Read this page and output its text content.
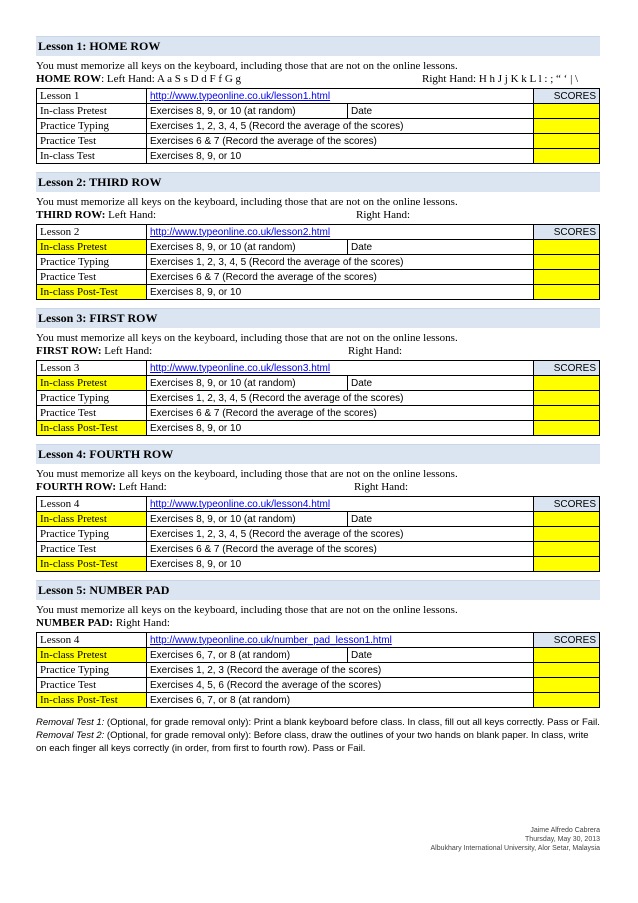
Lesson 1: HOME ROW
You must memorize all keys on the keyboard, including those that are not on the online lessons.
HOME ROW: Left Hand: A a S s D d F f G g	Right Hand: H h J j K k L l : ; “ ‘ | \
Lesson 1	http://www.typeonline.co.uk/lesson1.html		SCORES
In-class Pretest	Exercises 8, 9, or 10 (at random)	Date	
Practice Typing	Exercises 1, 2, 3, 4, 5 (Record the average of the scores)		
Practice Test	Exercises 6 & 7 (Record the average of the scores)		
In-class Test	Exercises 8, 9, or 10		
Lesson 2: THIRD ROW
You must memorize all keys on the keyboard, including those that are not on the online lessons.
THIRD ROW: Left Hand:	Right Hand:
Lesson 2	http://www.typeonline.co.uk/lesson2.html		SCORES
In-class Pretest	Exercises 8, 9, or 10 (at random)	Date	
Practice Typing	Exercises 1, 2, 3, 4, 5 (Record the average of the scores)		
Practice Test	Exercises 6 & 7 (Record the average of the scores)		
In-class Post-Test	Exercises 8, 9, or 10		
Lesson 3: FIRST ROW
You must memorize all keys on the keyboard, including those that are not on the online lessons.
FIRST ROW: Left Hand:	Right Hand:
Lesson 3	http://www.typeonline.co.uk/lesson3.html		SCORES
In-class Pretest	Exercises 8, 9, or 10 (at random)	Date	
Practice Typing	Exercises 1, 2, 3, 4, 5 (Record the average of the scores)		
Practice Test	Exercises 6 & 7 (Record the average of the scores)		
In-class Post-Test	Exercises 8, 9, or 10		
Lesson 4: FOURTH ROW
You must memorize all keys on the keyboard, including those that are not on the online lessons.
FOURTH ROW: Left Hand:	Right Hand:
Lesson 4	http://www.typeonline.co.uk/lesson4.html		SCORES
In-class Pretest	Exercises 8, 9, or 10 (at random)	Date	
Practice Typing	Exercises 1, 2, 3, 4, 5 (Record the average of the scores)		
Practice Test	Exercises 6 & 7 (Record the average of the scores)		
In-class Post-Test	Exercises 8, 9, or 10		
Lesson 5: NUMBER PAD
You must memorize all keys on the keyboard, including those that are not on the online lessons.
NUMBER PAD: Right Hand:
Lesson 4	http://www.typeonline.co.uk/number_pad_lesson1.html		SCORES
In-class Pretest	Exercises 6, 7, or 8 (at random)	Date	
Practice Typing	Exercises 1, 2, 3 (Record the average of the scores)		
Practice Test	Exercises 4, 5, 6 (Record the average of the scores)		
In-class Post-Test	Exercises 6, 7, or 8 (at random)		
Removal Test 1: (Optional, for grade removal only): Print a blank keyboard before class. In class, fill out all keys correctly. Pass or Fail.
Removal Test 2: (Optional, for grade removal only): Before class, draw the outlines of your two hands on blank paper. In class, write on each finger all keys correctly (in order, from first to fourth row). Pass or Fail.
Jaime Alfredo Cabrera
Thursday, May 30, 2013
Albukhary International University, Alor Setar, Malaysia
